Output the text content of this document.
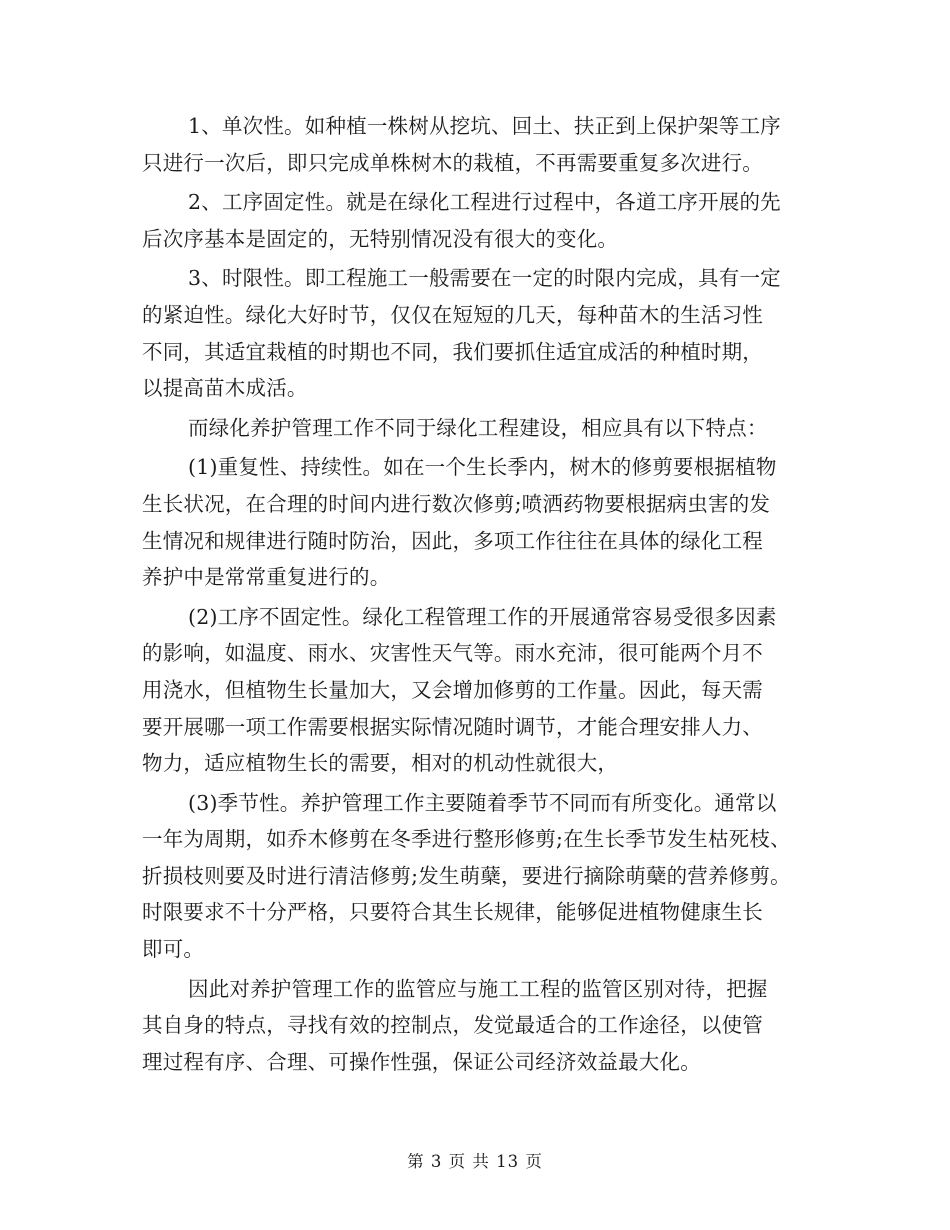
1、单次性。如种植一株树从挖坑、回土、扶正到上保护架等工序
只进行一次后，即只完成单株树木的栽植，不再需要重复多次进行。
2、工序固定性。就是在绿化工程进行过程中，各道工序开展的先
后次序基本是固定的，无特别情况没有很大的变化。
3、时限性。即工程施工一般需要在一定的时限内完成，具有一定
的紧迫性。绿化大好时节，仅仅在短短的几天，每种苗木的生活习性
不同，其适宜栽植的时期也不同，我们要抓住适宜成活的种植时期，
以提高苗木成活。
而绿化养护管理工作不同于绿化工程建设，相应具有以下特点：
(1)重复性、持续性。如在一个生长季内，树木的修剪要根据植物
生长状况，在合理的时间内进行数次修剪;喷洒药物要根据病虫害的发
生情况和规律进行随时防治，因此，多项工作往往在具体的绿化工程
养护中是常常重复进行的。
(2)工序不固定性。绿化工程管理工作的开展通常容易受很多因素
的影响，如温度、雨水、灾害性天气等。雨水充沛，很可能两个月不
用浇水，但植物生长量加大，又会增加修剪的工作量。因此，每天需
要开展哪一项工作需要根据实际情况随时调节，才能合理安排人力、
物力，适应植物生长的需要，相对的机动性就很大，
(3)季节性。养护管理工作主要随着季节不同而有所变化。通常以
一年为周期，如乔木修剪在冬季进行整形修剪;在生长季节发生枯死枝、
折损枝则要及时进行清洁修剪;发生萌蘖，要进行摘除萌蘖的营养修剪。
时限要求不十分严格，只要符合其生长规律，能够促进植物健康生长
即可。
因此对养护管理工作的监管应与施工工程的监管区别对待，把握
其自身的特点，寻找有效的控制点，发觉最适合的工作途径，以使管
理过程有序、合理、可操作性强，保证公司经济效益最大化。
第 3 页 共 13 页
